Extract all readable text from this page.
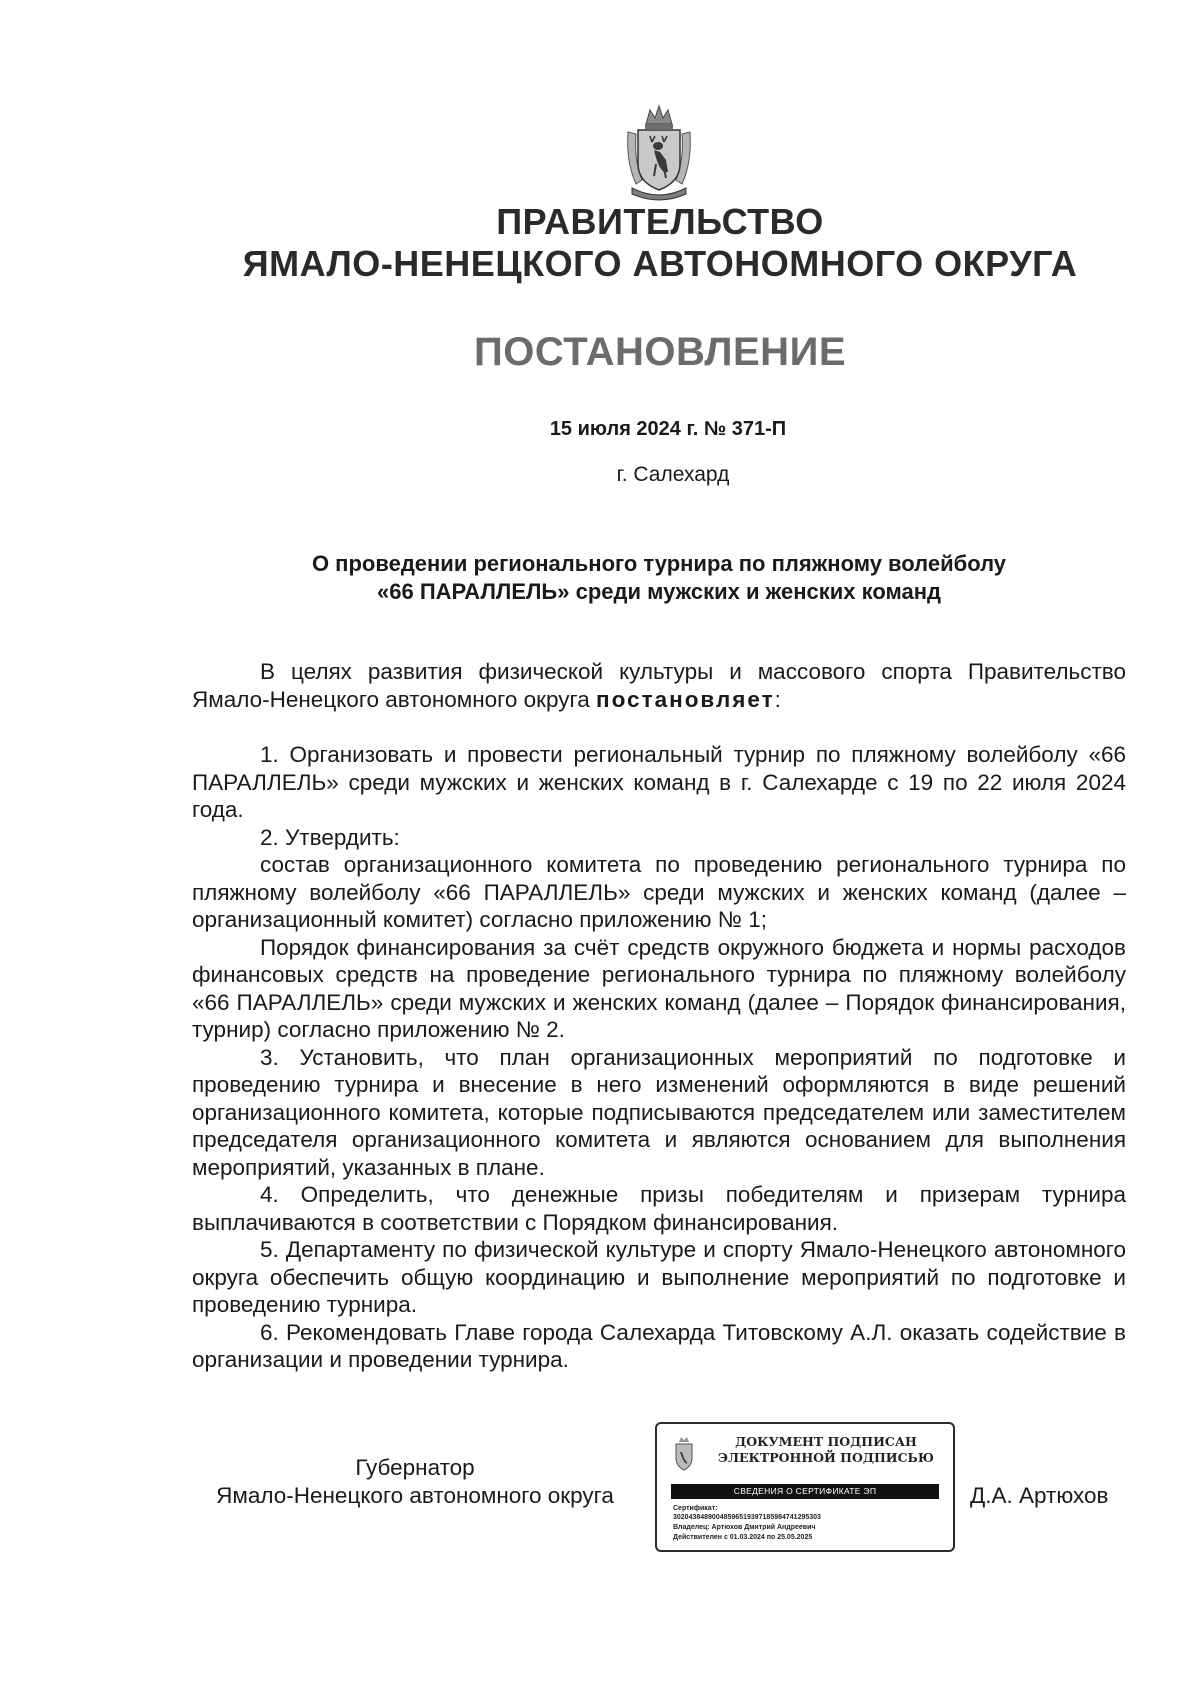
ПРАВИТЕЛЬСТВО
ЯМАЛО-НЕНЕЦКОГО АВТОНОМНОГО ОКРУГА
ПОСТАНОВЛЕНИЕ
15 июля 2024 г. № 371-П
г. Салехард
О проведении регионального турнира по пляжному волейболу
«66 ПАРАЛЛЕЛЬ» среди мужских и женских команд

В целях развития физической культуры и массового спорта Правительство Ямало-Ненецкого автономного округа постановляет:

1. Организовать и провести региональный турнир по пляжному волейболу «66 ПАРАЛЛЕЛЬ» среди мужских и женских команд в г. Салехарде с 19 по 22 июля 2024 года.

2. Утвердить:

состав организационного комитета по проведению регионального турнира по пляжному волейболу «66 ПАРАЛЛЕЛЬ» среди мужских и женских команд (далее – организационный комитет) согласно приложению № 1;

Порядок финансирования за счёт средств окружного бюджета и нормы расходов финансовых средств на проведение регионального турнира по пляжному волейболу «66 ПАРАЛЛЕЛЬ» среди мужских и женских команд (далее – Порядок финансирования, турнир) согласно приложению № 2.

3. Установить, что план организационных мероприятий по подготовке и проведению турнира и внесение в него изменений оформляются в виде решений организационного комитета, которые подписываются председателем или заместителем председателя организационного комитета и являются основанием для выполнения мероприятий, указанных в плане.

4. Определить, что денежные призы победителям и призерам турнира выплачиваются в соответствии с Порядком финансирования.

5. Департаменту по физической культуре и спорту Ямало-Ненецкого автономного округа обеспечить общую координацию и выполнение мероприятий по подготовке и проведению турнира.

6. Рекомендовать Главе города Салехарда Титовскому А.Л. оказать содействие в организации и проведении турнира.

Губернатор
Ямало-Ненецкого автономного округа
ДОКУМЕНТ ПОДПИСАН
ЭЛЕКТРОННОЙ ПОДПИСЬЮ
СВЕДЕНИЯ О СЕРТИФИКАТЕ ЭП
Сертификат:
30204384890048596519397185984741295303
Владелец: Артюхов Дмитрий Андреевич
Действителен с 01.03.2024 по 25.05.2025
Д.А. Артюхов
